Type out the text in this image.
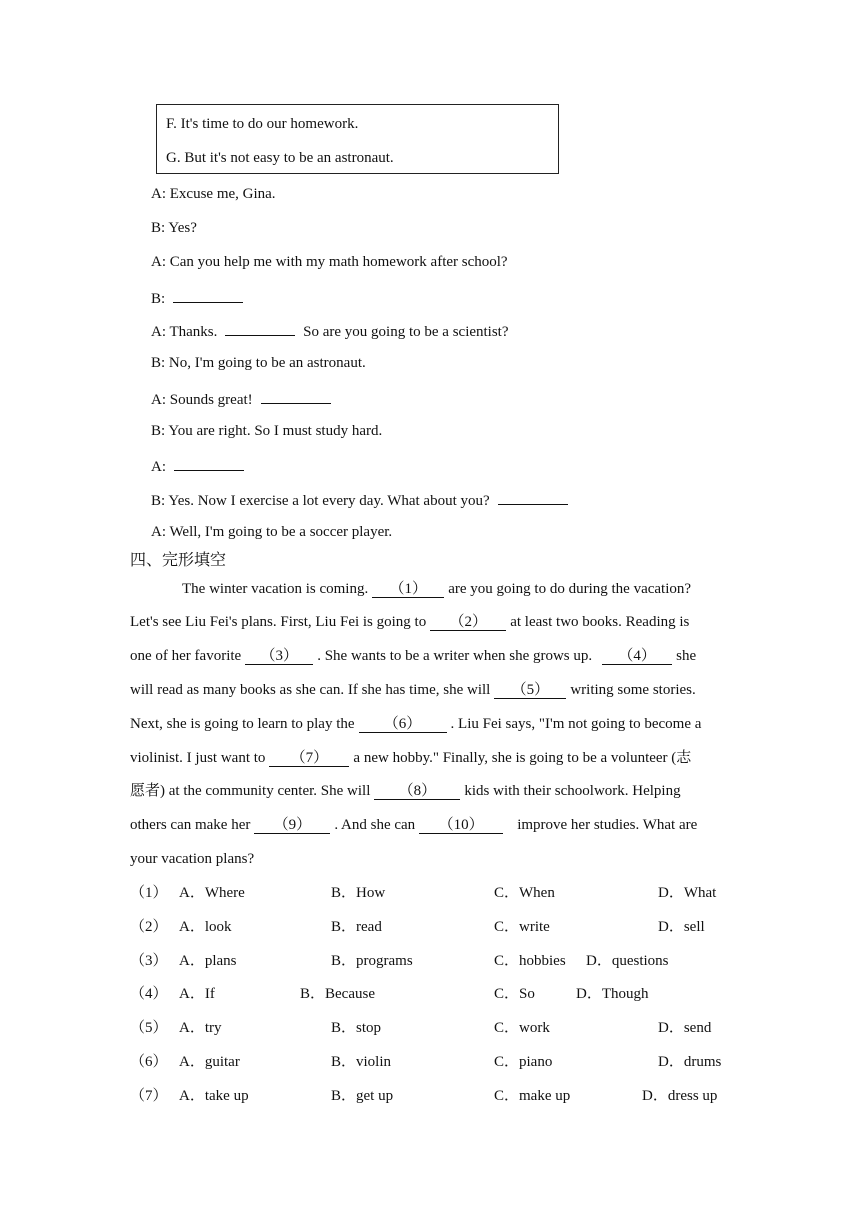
F. It's time to do our homework.
G. But it's not easy to be an astronaut.
A: Excuse me, Gina.
B: Yes?
A: Can you help me with my math homework after school?
B:
A: Thanks.	So are you going to be a scientist?
B: No, I'm going to be an astronaut.
A: Sounds great!
B: You are right. So I must study hard.
A:
B: Yes. Now I exercise a lot every day. What about you?
A: Well, I'm going to be a soccer player.
四、完形填空
The winter vacation is coming. （1） are you going to do during the vacation?
Let's see Liu Fei's plans. First, Liu Fei is going to （2） at least two books. Reading is
one of her favorite （3） . She wants to be a writer when she grows up. （4） she
will read as many books as she can. If she has time, she will （5） writing some stories.
Next, she is going to learn to play the （6） . Liu Fei says, "I'm not going to become a
violinist. I just want to （7） a new hobby." Finally, she is going to be a volunteer (志
愿者) at the community center. She will （8） kids with their schoolwork. Helping
others can make her （9） . And she can （10） improve her studies. What are
your vacation plans?
（1） A．Where	B．How	C．When	D．What
（2） A．look	B．read	C．write	D．sell
（3） A．plans	B．programs	C．hobbies D．questions
（4） A．If	B．Because	C．So	D．Though
（5） A．try	B．stop	C．work	D．send
（6） A．guitar	B．violin	C．piano	D．drums
（7） A．take up	B．get up	C．make up	D．dress up
